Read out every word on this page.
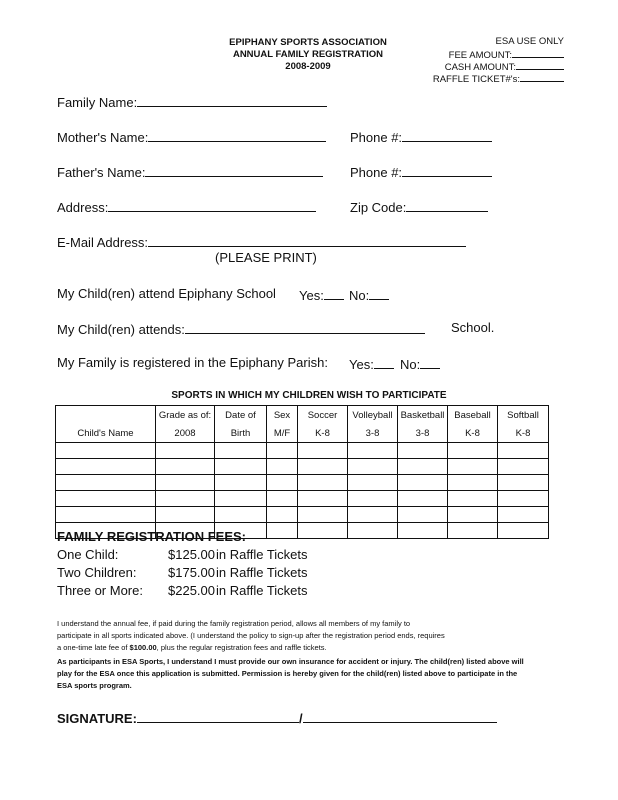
EPIPHANY SPORTS ASSOCIATION
ANNUAL FAMILY REGISTRATION
2008-2009
ESA USE ONLY
FEE AMOUNT:
CASH AMOUNT:
RAFFLE TICKET#'s:
Family Name:
Mother's Name:	Phone #:
Father's Name:	Phone #:
Address:	Zip Code:
E-Mail Address:
(PLEASE PRINT)
My Child(ren) attend Epiphany School Yes:	No:
My Child(ren) attends:	School.
My Family is registered in the Epiphany Parish: Yes:	No:
SPORTS IN WHICH MY CHILDREN WISH TO PARTICIPATE
	Grade as of:	Date of	Sex	Soccer	Volleyball	Basketball	Baseball	Softball
Child's Name	2008	Birth	M/F	K-8	3-8	3-8	K-8	K-8

FAMILY REGISTRATION FEES:
One Child:	$125.00 in Raffle Tickets
Two Children: $175.00 in Raffle Tickets
Three or More: $225.00 in Raffle Tickets
I understand the annual fee, if paid during the family registration period, allows all members of my family to
participate in all sports indicated above. (I understand the policy to sign-up after the registration period ends, requires
a one-time late fee of $100.00, plus the regular registration fees and raffle tickets.
As participants in ESA Sports, I understand I must provide our own insurance for accident or injury. The child(ren) listed above will
play for the ESA once this application is submitted. Permission is hereby given for the child(ren) listed above to participate in the
ESA sports program.
SIGNATURE:	/
